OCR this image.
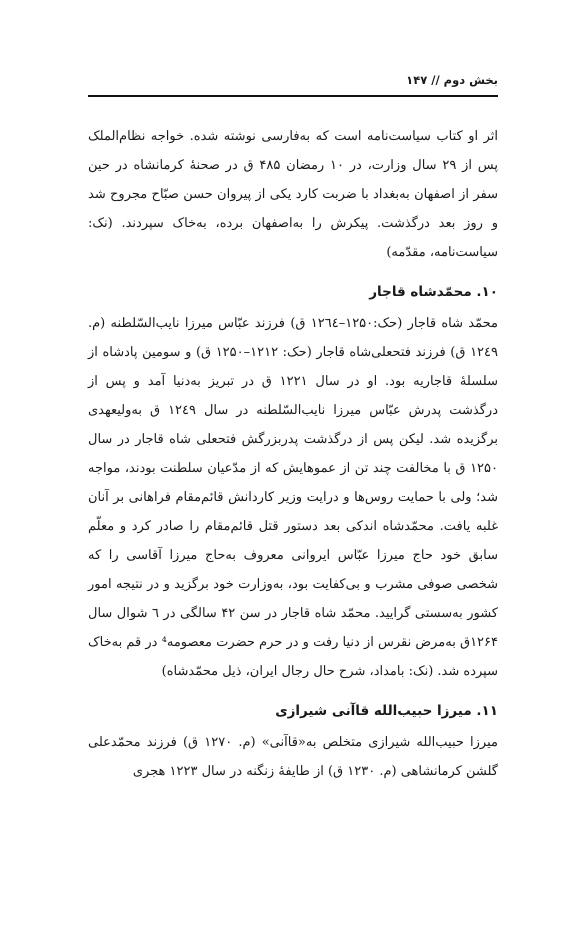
بخش دوم // ۱۴۷

اثر او کتاب سیاست‌نامه است که به‌فارسی نوشته شده. خواجه نظام‌الملک پس از ۲۹ سال وزارت، در ۱۰ رمضان ۴۸۵ ق در صحنهٔ کرمانشاه در حین سفر از اصفهان به‌بغداد با ضربت کارد یکی از پیروان حسن صبّاح مجروح شد و روز بعد درگذشت. پیکرش را به‌اصفهان برده، به‌خاک سپردند. (نک: سیاست‌نامه، مقدّمه)

۱۰. محمّدشاه قاجار

محمّد شاه قاجار (حک:۱۲۵۰–۱۲٦٤ ق) فرزند عبّاس میرزا نایب‌السّلطنه (م. ۱۲٤۹ ق) فرزند فتحعلی‌شاه قاجار (حک: ۱۲۱۲–۱۲۵۰ ق) و سومین پادشاه از سلسلهٔ قاجاریه بود. او در سال ۱۲۲۱ ق در تبریز به‌دنیا آمد و پس از درگذشت پدرش عبّاس میرزا نایب‌السّلطنه در سال ۱۲٤۹ ق به‌ولیعهدی برگزیده شد. لیکن پس از درگذشت پدربزرگش فتحعلی شاه قاجار در سال ۱۲۵۰ ق با مخالفت چند تن از عموهایش که از مدّعیان سلطنت بودند، مواجه شد؛ ولی با حمایت روس‌ها و درایت وزیر کاردانش قائم‌مقام فراهانی بر آنان غلبه یافت. محمّدشاه اندکی بعد دستور قتل قائم‌مقام را صادر کرد و معلّم سابق خود حاج میرزا عبّاس ایروانی معروف به‌حاج میرزا آقاسی را که شخصی صوفی مشرب و بی‌کفایت بود، به‌وزارت خود برگزید و در نتیجه امور کشور به‌سستی گرایید. محمّد شاه قاجار در سن ۴۲ سالگی در ٦ شوال سال ۱۲۶۴ق به‌مرض نقرس از دنیا رفت و در حرم حضرت معصومه⁴ در قم به‌خاک سپرده شد. (نک: بامداد، شرح حال رجال ایران، ذیل محمّدشاه)

۱۱. میرزا حبیب‌الله قاآنی شیرازی

میرزا حبیب‌الله شیرازی متخلص به«قاآنی» (م. ۱۲۷۰ ق) فرزند محمّدعلی گلشن کرمانشاهی (م. ۱۲۳۰ ق) از طایفهٔ زنگنه در سال ۱۲۲۳ هجری
